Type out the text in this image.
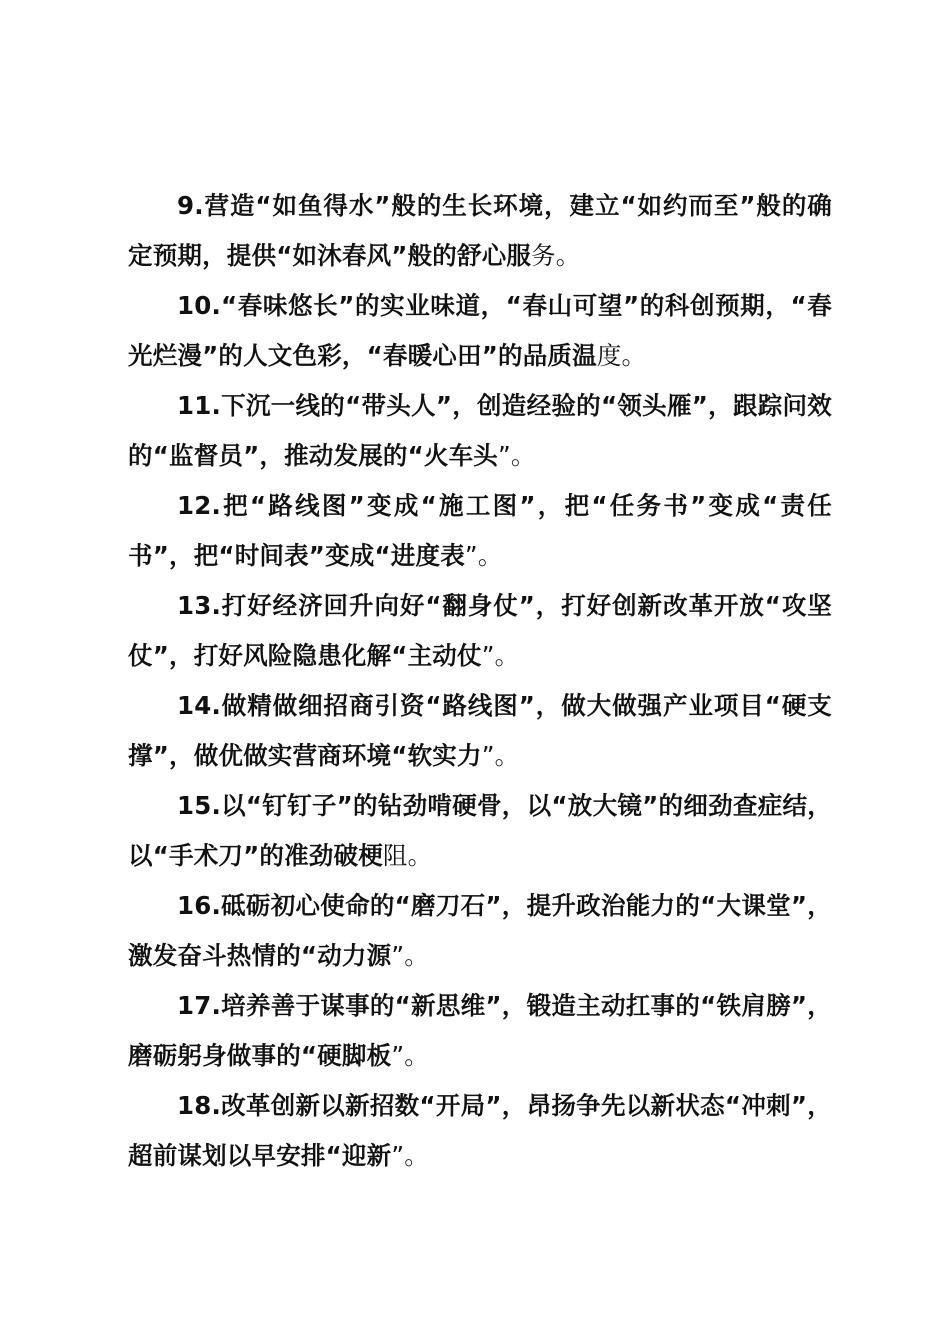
9.营造“如鱼得水”般的生长环境，建立“如约而至”般的确定预期，提供“如沐春风”般的舒心服务。

10.“春味悠长”的实业味道，“春山可望”的科创预期，“春光烂漫”的人文色彩，“春暖心田”的品质温度。

11.下沉一线的“带头人”，创造经验的“领头雁”，跟踪问效的“监督员”，推动发展的“火车头”。

12.把“路线图”变成“施工图”，把“任务书”变成“责任书”，把“时间表”变成“进度表”。

13.打好经济回升向好“翻身仗”，打好创新改革开放“攻坚仗”，打好风险隐患化解“主动仗”。

14.做精做细招商引资“路线图”，做大做强产业项目“硬支撑”，做优做实营商环境“软实力”。

15.以“钉钉子”的钻劲啃硬骨，以“放大镜”的细劲查症结，以“手术刀”的准劲破梗阻。

16.砥砺初心使命的“磨刀石”，提升政治能力的“大课堂”，激发奋斗热情的“动力源”。

17.培养善于谋事的“新思维”，锻造主动扛事的“铁肩膀”，磨砺躬身做事的“硬脚板”。

18.改革创新以新招数“开局”，昂扬争先以新状态“冲刺”，超前谋划以早安排“迎新”。
